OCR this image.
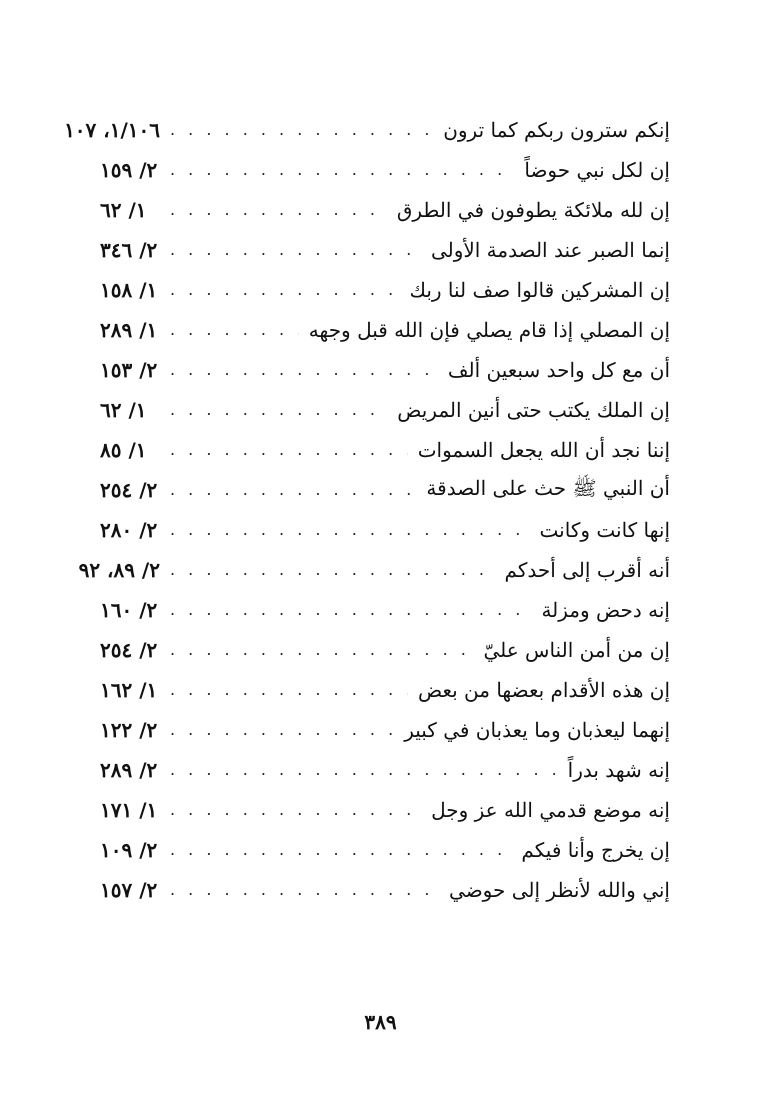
إنكم سترون ربكم كما ترون
. . .
١/١٠٦، ١٠٧
إن لكل نبي حوضاً
. . .
٢/ ١٥٩
إن لله ملائكة يطوفون في الطرق
. . .
١/ ٦٢
إنما الصبر عند الصدمة الأولى
. . .
٢/ ٣٤٦
إن المشركين قالوا صف لنا ربك
. . .
١/ ١٥٨
إن المصلي إذا قام يصلي فإن الله قبل وجهه
. . .
١/ ٢٨٩
أن مع كل واحد سبعين ألف
. . .
٢/ ١٥٣
إن الملك يكتب حتى أنين المريض
. . .
١/ ٦٢
إننا نجد أن الله يجعل السموات
. . .
١/ ٨٥
أن النبي ﷺ حث على الصدقة
. . .
٢/ ٢٥٤
إنها كانت وكانت
. . .
٢/ ٢٨٠
أنه أقرب إلى أحدكم
. . .
٢/ ٨٩، ٩٢
إنه دحض ومزلة
. . .
٢/ ١٦٠
إن من أمن الناس عليّ
. . .
٢/ ٢٥٤
إن هذه الأقدام بعضها من بعض
. . .
١/ ١٦٢
إنهما ليعذبان وما يعذبان في كبير
. . .
٢/ ١٢٢
إنه شهد بدراً
. . .
٢/ ٢٨٩
إنه موضع قدمي الله عز وجل
. . .
١/ ١٧١
إن يخرج وأنا فيكم
. . .
٢/ ١٠٩
إني والله لأنظر إلى حوضي
. . .
٢/ ١٥٧
٣٨٩
